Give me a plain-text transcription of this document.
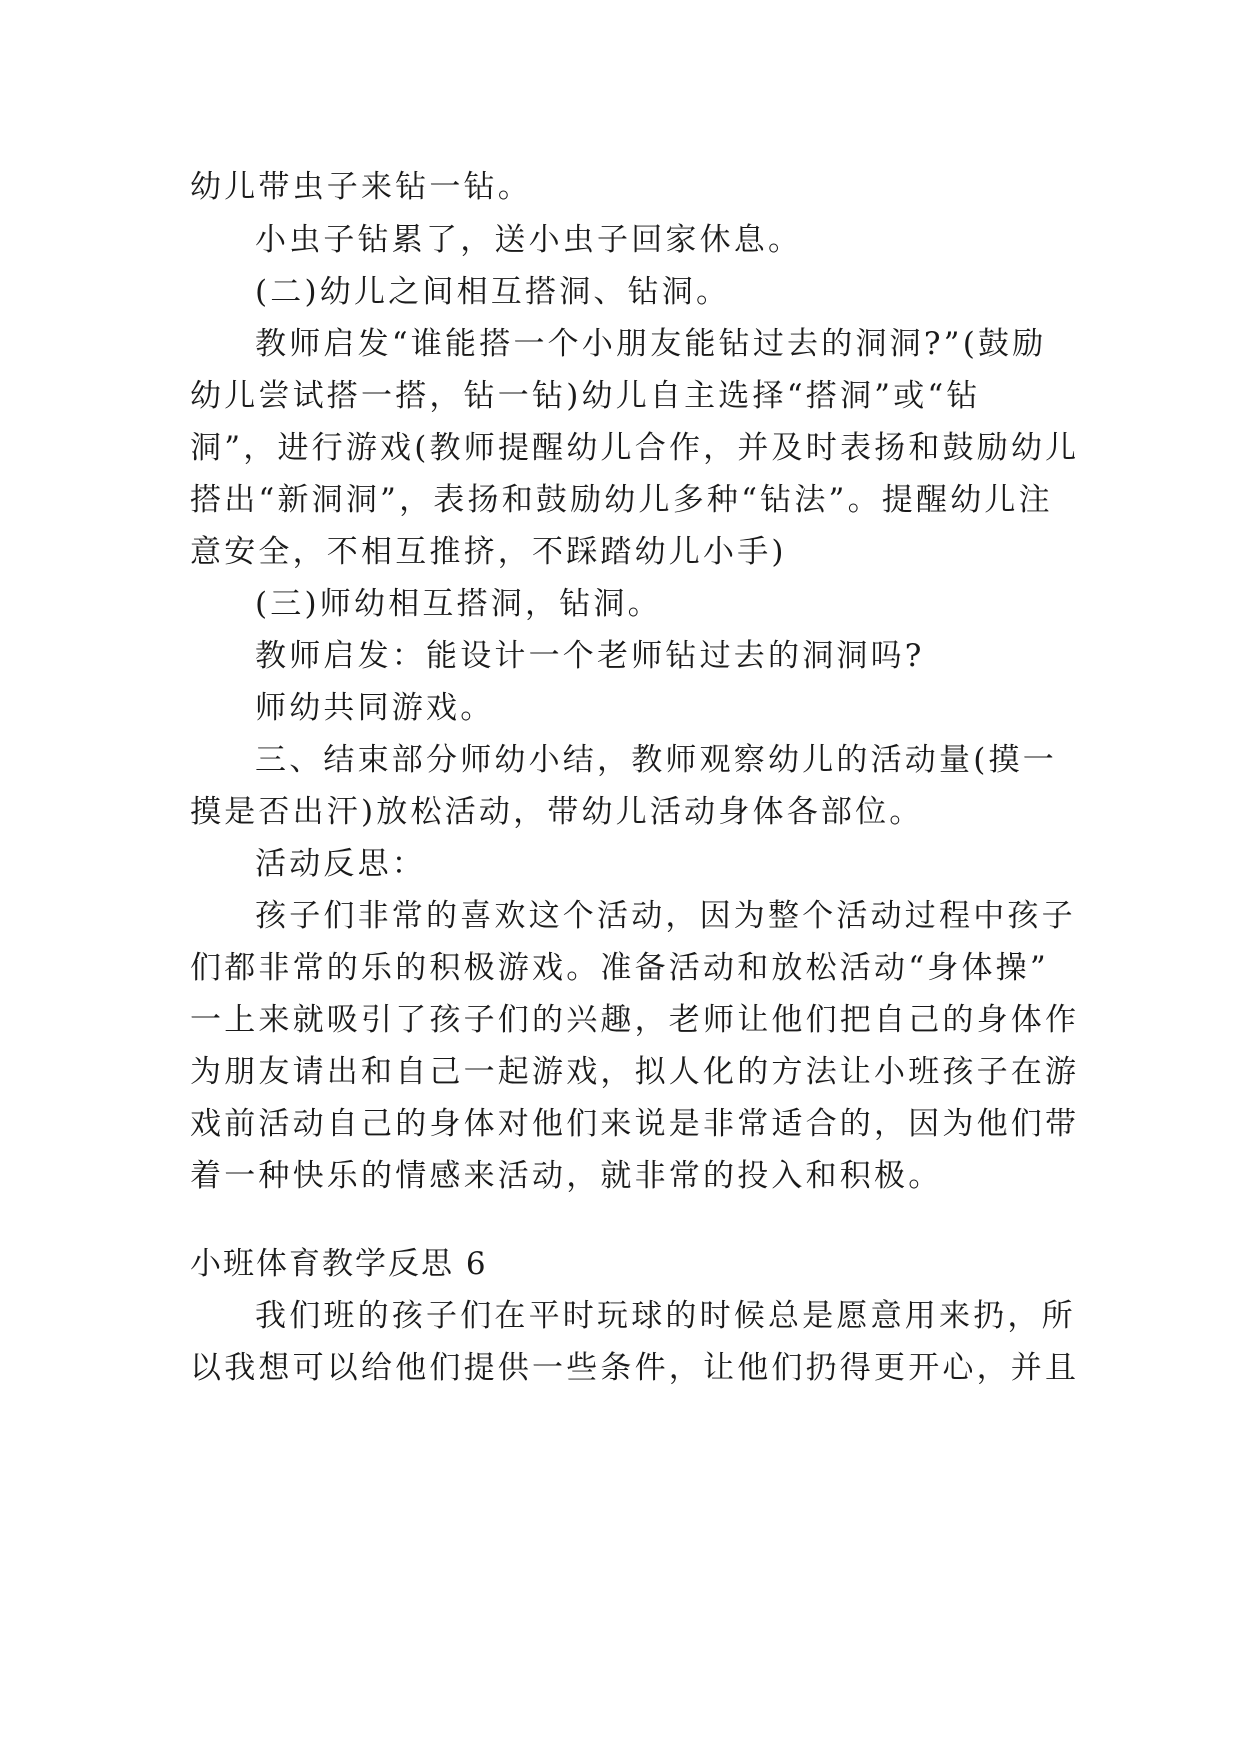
幼儿带虫子来钻一钻。
小虫子钻累了，送小虫子回家休息。
(二)幼儿之间相互搭洞、钻洞。
教师启发“谁能搭一个小朋友能钻过去的洞洞?”(鼓励
幼儿尝试搭一搭，钻一钻)幼儿自主选择“搭洞”或“钻
洞”，进行游戏(教师提醒幼儿合作，并及时表扬和鼓励幼儿
搭出“新洞洞”，表扬和鼓励幼儿多种“钻法”。提醒幼儿注
意安全，不相互推挤，不踩踏幼儿小手)
(三)师幼相互搭洞，钻洞。
教师启发：能设计一个老师钻过去的洞洞吗?
师幼共同游戏。
三、结束部分师幼小结，教师观察幼儿的活动量(摸一
摸是否出汗)放松活动，带幼儿活动身体各部位。
活动反思：
孩子们非常的喜欢这个活动，因为整个活动过程中孩子
们都非常的乐的积极游戏。准备活动和放松活动“身体操”
一上来就吸引了孩子们的兴趣，老师让他们把自己的身体作
为朋友请出和自己一起游戏，拟人化的方法让小班孩子在游
戏前活动自己的身体对他们来说是非常适合的，因为他们带
着一种快乐的情感来活动，就非常的投入和积极。
小班体育教学反思 6
我们班的孩子们在平时玩球的时候总是愿意用来扔，所
以我想可以给他们提供一些条件，让他们扔得更开心，并且
